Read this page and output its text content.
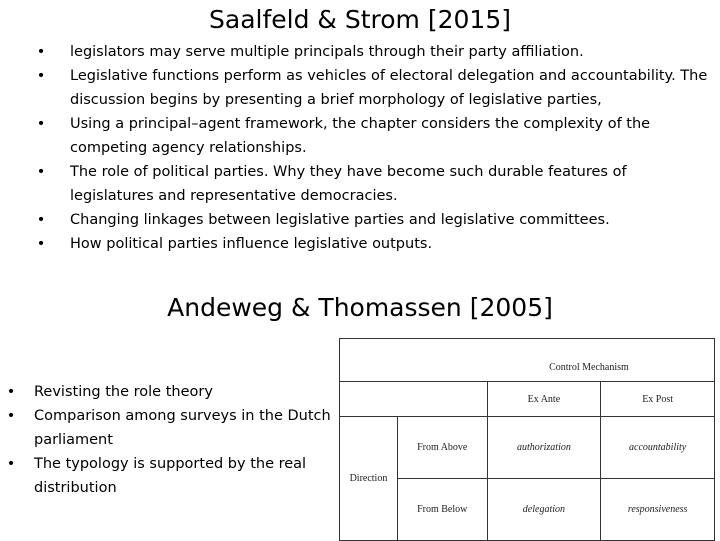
Saalfeld & Strom [2015]
• legislators may serve multiple principals through their party affiliation.
• Legislative functions perform as vehicles of electoral delegation and accountability. The discussion begins by presenting a brief morphology of legislative parties,
• Using a principal–agent framework, the chapter considers the complexity of the competing agency relationships.
• The role of political parties. Why they have become such durable features of legislatures and representative democracies.
• Changing linkages between legislative parties and legislative committees.
• How political parties influence legislative outputs.
Andeweg & Thomassen [2005]
• Revisting the role theory
• Comparison among surveys in the Dutch parliament
• The typology is supported by the real distribution
		Control Mechanism	
		Ex Ante	Ex Post
Direction	From Above	authorization	accountability
	From Below	delegation	responsiveness
